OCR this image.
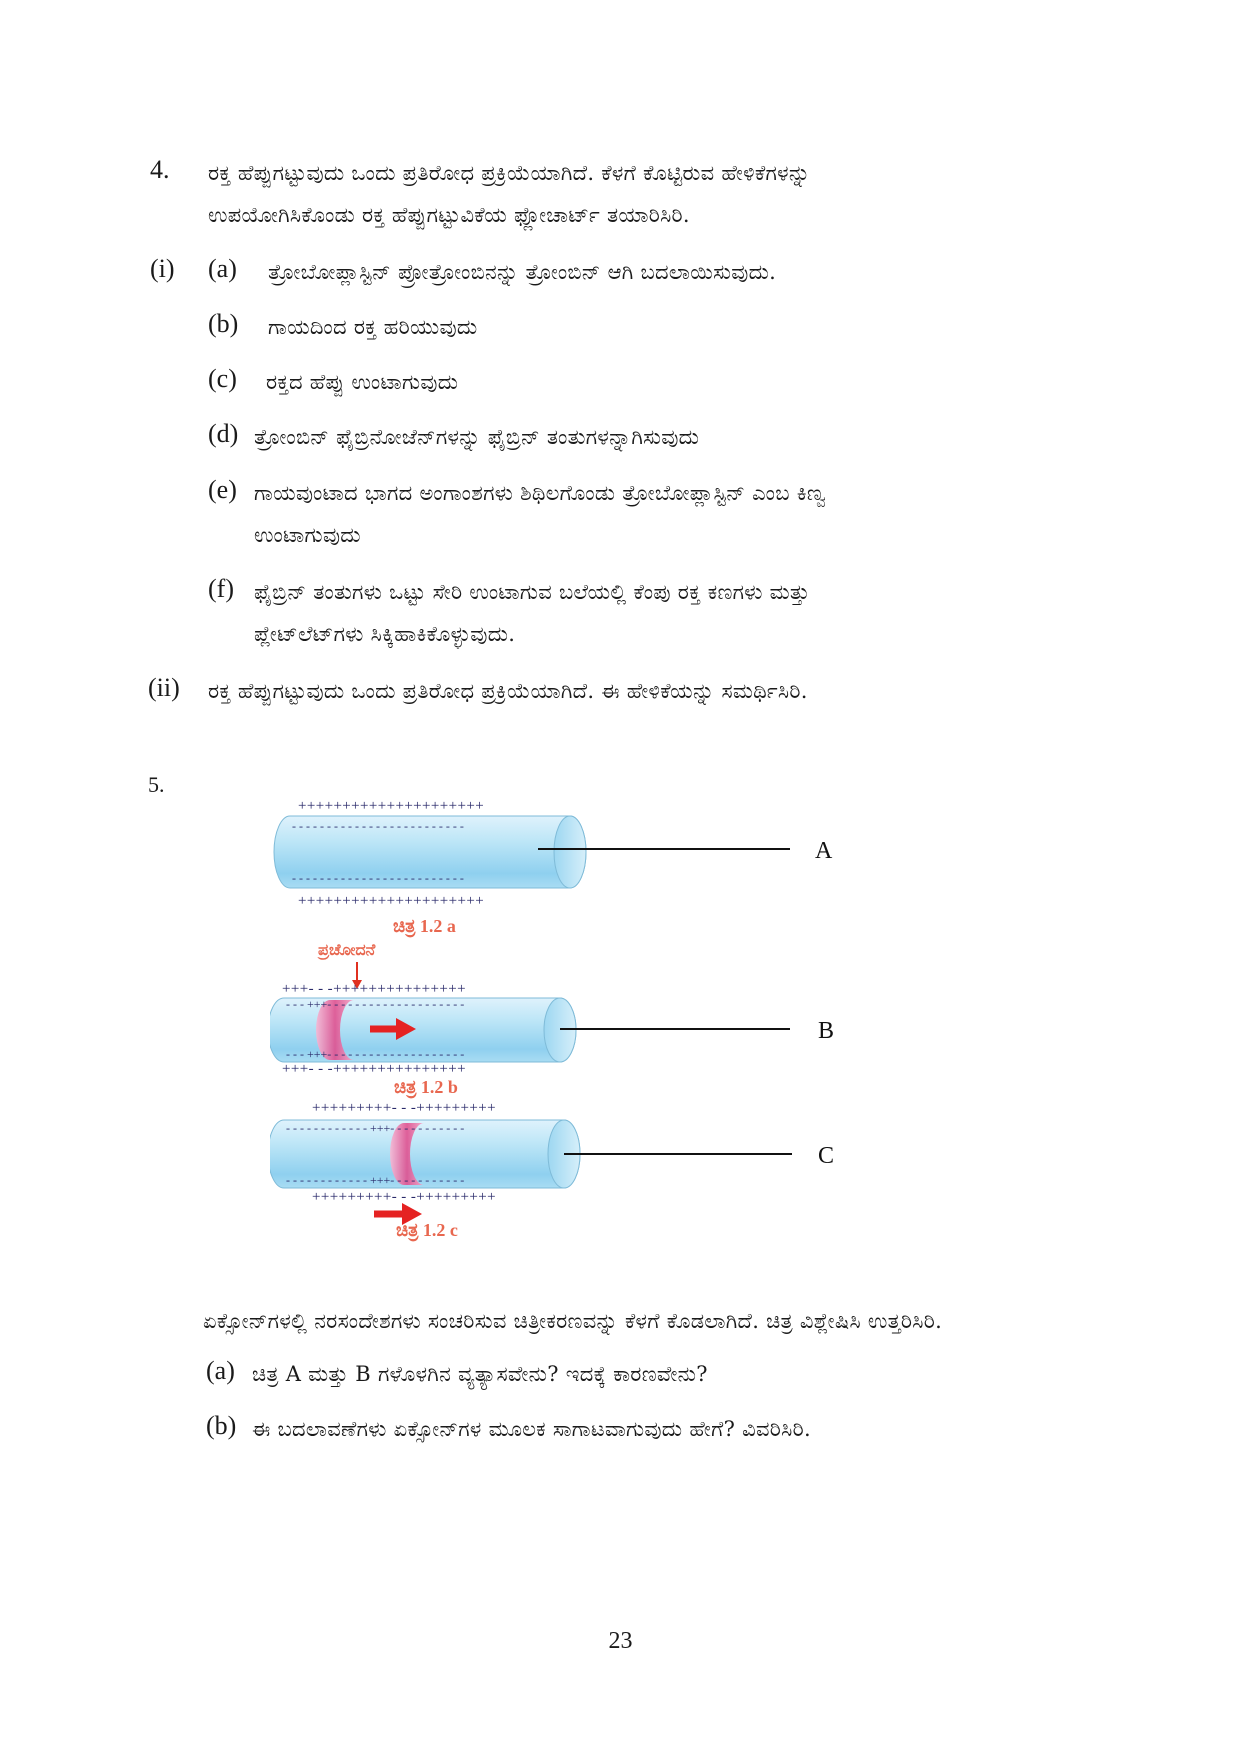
4. ರಕ್ತ ಹೆಪ್ಪುಗಟ್ಟುವುದು ಒಂದು ಪ್ರತಿರೋಧ ಪ್ರಕ್ರಿಯೆಯಾಗಿದೆ. ಕೆಳಗೆ ಕೊಟ್ಟಿರುವ ಹೇಳಿಕೆಗಳನ್ನು
ಉಪಯೋಗಿಸಿಕೊಂಡು ರಕ್ತ ಹೆಪ್ಪುಗಟ್ಟುವಿಕೆಯ ಫ್ಲೋಚಾರ್ಟ್ ತಯಾರಿಸಿರಿ.
(i) (a) ತ್ರೋಬೋಪ್ಲಾಸ್ಟಿನ್ ಪ್ರೋತ್ರೋಂಬಿನನ್ನು ತ್ರೋಂಬಿನ್ ಆಗಿ ಬದಲಾಯಿಸುವುದು.
(b) ಗಾಯದಿಂದ ರಕ್ತ ಹರಿಯುವುದು
(c) ರಕ್ತದ ಹೆಪ್ಪು ಉಂಟಾಗುವುದು
(d) ತ್ರೋಂಬಿನ್ ಫೈಬ್ರಿನೋಜೆನ್‌ಗಳನ್ನು ಫೈಬ್ರಿನ್ ತಂತುಗಳನ್ನಾಗಿಸುವುದು
(e) ಗಾಯವುಂಟಾದ ಭಾಗದ ಅಂಗಾಂಶಗಳು ಶಿಥಿಲಗೊಂಡು ತ್ರೋಬೋಪ್ಲಾಸ್ಟಿನ್ ಎಂಬ ಕಿಣ್ವ
ಉಂಟಾಗುವುದು
(f) ಫೈಬ್ರಿನ್ ತಂತುಗಳು ಒಟ್ಟು ಸೇರಿ ಉಂಟಾಗುವ ಬಲೆಯಲ್ಲಿ ಕೆಂಪು ರಕ್ತ ಕಣಗಳು ಮತ್ತು
ಪ್ಲೇಟ್‌ಲೆಟ್‌ಗಳು ಸಿಕ್ಕಿಹಾಕಿಕೊಳ್ಳುವುದು.
(ii) ರಕ್ತ ಹೆಪ್ಪುಗಟ್ಟುವುದು ಒಂದು ಪ್ರತಿರೋಧ ಪ್ರಕ್ರಿಯೆಯಾಗಿದೆ. ಈ ಹೇಳಿಕೆಯನ್ನು ಸಮರ್ಥಿಸಿರಿ.
5.
+++++++++++++++++++++
- - - - - - - - - - - - - - - - - - - - - - - - -
- - - - - - - - - - - - - - - - - - - - - - - - -
+++++++++++++++++++++
A
ಚಿತ್ರ 1.2 a
ಪ್ರಚೋದನೆ
+++- - -+++++++++++++++
- - - +++- - - - - - - - - - - - - - - - - - - -
- - - +++- - - - - - - - - - - - - - - - - - - -
+++- - -+++++++++++++++
B
ಚಿತ್ರ 1.2 b
+++++++++- - -+++++++++
- - - - - - - - - - - - +++- - - - - - - - - - -
- - - - - - - - - - - - +++- - - - - - - - - - -
+++++++++- - -+++++++++
C
ಚಿತ್ರ 1.2 c
ಏಕ್ಸೋನ್‌ಗಳಲ್ಲಿ ನರಸಂದೇಶಗಳು ಸಂಚರಿಸುವ ಚಿತ್ರೀಕರಣವನ್ನು ಕೆಳಗೆ ಕೊಡಲಾಗಿದೆ. ಚಿತ್ರ ವಿಶ್ಲೇಷಿಸಿ ಉತ್ತರಿಸಿರಿ.
(a) ಚಿತ್ರ A ಮತ್ತು B ಗಳೊಳಗಿನ ವ್ಯತ್ಯಾಸವೇನು? ಇದಕ್ಕೆ ಕಾರಣವೇನು?
(b) ಈ ಬದಲಾವಣೆಗಳು ಏಕ್ಸೋನ್‌ಗಳ ಮೂಲಕ ಸಾಗಾಟವಾಗುವುದು ಹೇಗೆ? ವಿವರಿಸಿರಿ.
23
